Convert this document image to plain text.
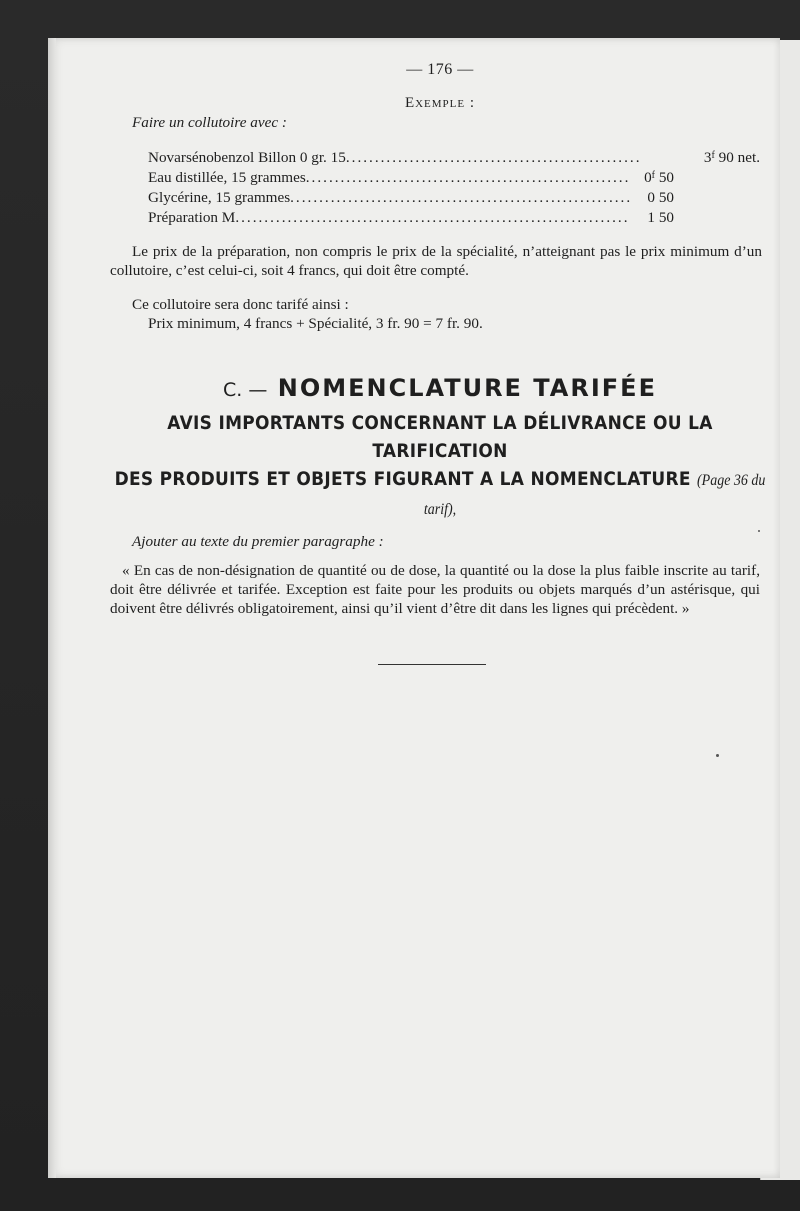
— 176 —
Exemple :
Faire un collutoire avec :
Novarsénobenzol Billon 0 gr. 15 .....	3$^f$ 90 net.
Eau distillée, 15 grammes .....	0$^f$ 50
Glycérine, 15 grammes .....	0 50
Préparation M .....	1 50

Le prix de la préparation, non compris le prix de la spécialité, n’atteignant pas le prix minimum d’un collutoire, c’est celui-ci, soit 4 francs, qui doit être compté.

Ce collutoire sera donc tarifé ainsi :

Prix minimum, 4 francs + Spécialité, 3 fr. 90 = 7 fr. 90.
C. — NOMENCLATURE TARIFÉE
AVIS IMPORTANTS CONCERNANT LA DÉLIVRANCE OU LA TARIFICATION
DES PRODUITS ET OBJETS FIGURANT A LA NOMENCLATURE (Page 36 du tarif),
Ajouter au texte du premier paragraphe :
« En cas de non-désignation de quantité ou de dose, la quantité ou la dose la plus faible inscrite au tarif, doit être délivrée et tarifée. Exception est faite pour les produits ou objets marqués d’un astérisque, qui doivent être délivrés obligatoirement, ainsi qu’il vient d’être dit dans les lignes qui précèdent. »
